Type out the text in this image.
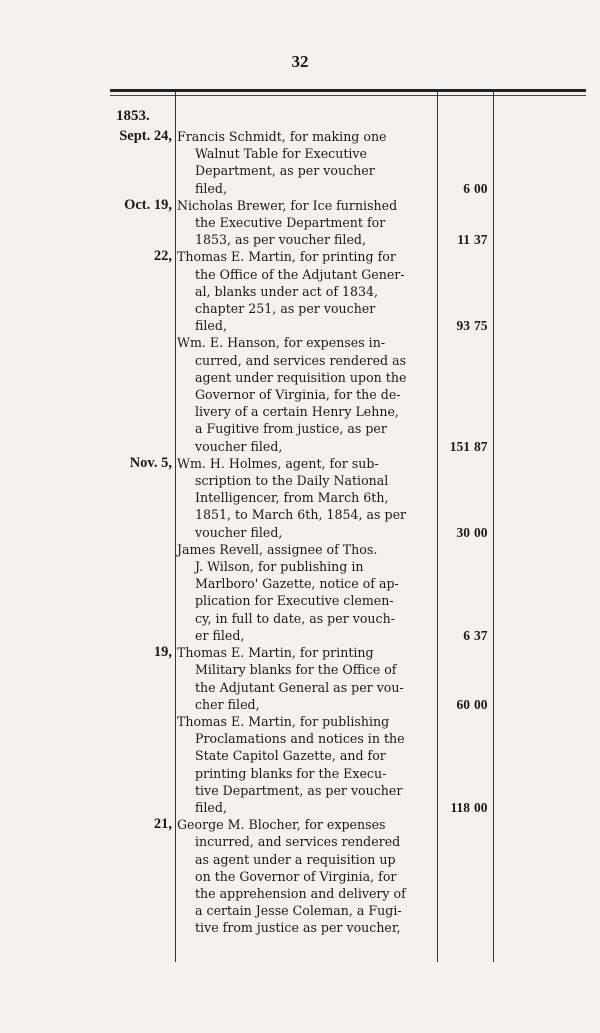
32
1853.
Sept. 24, Francis Schmidt, for making one
Walnut Table for Executive
Department, as per voucher
filed,	6 00
Oct. 19, Nicholas Brewer, for Ice furnished
the Executive Department for
1853, as per voucher filed,	11 37
22, Thomas E. Martin, for printing for
the Office of the Adjutant Gener-
al, blanks under act of 1834,
chapter 251, as per voucher
filed,	93 75
Wm. E. Hanson, for expenses in-
curred, and services rendered as
agent under requisition upon the
Governor of Virginia, for the de-
livery of a certain Henry Lehne,
a Fugitive from justice, as per
voucher filed,	151 87
Nov. 5, Wm. H. Holmes, agent, for sub-
scription to the Daily National
Intelligencer, from March 6th,
1851, to March 6th, 1854, as per
voucher filed,	30 00
James Revell, assignee of Thos.
J. Wilson, for publishing in
Marlboro' Gazette, notice of ap-
plication for Executive clemen-
cy, in full to date, as per vouch-
er filed,	6 37
19, Thomas E. Martin, for printing
Military blanks for the Office of
the Adjutant General as per vou-
cher filed,	60 00
Thomas E. Martin, for publishing
Proclamations and notices in the
State Capitol Gazette, and for
printing blanks for the Execu-
tive Department, as per voucher
filed,	118 00
21, George M. Blocher, for expenses
incurred, and services rendered
as agent under a requisition up
on the Governor of Virginia, for
the apprehension and delivery of
a certain Jesse Coleman, a Fugi-
tive from justice as per voucher,
